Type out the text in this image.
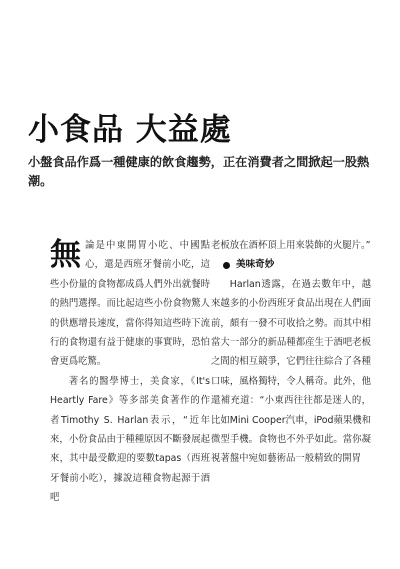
小食品 大益處
小盤食品作爲一種健康的飲食趨勢，正在消費者之間掀起一股熱潮。

無論是中東開胃小吃、中國點心，還是西班牙餐前小吃，這些小份量的食物都成爲人們外出就餐時的熱門選擇。而比起這些小份食物驚人的供應增長速度，當你得知這些時下流行的食物還有益于健康的事實時，恐怕會更爲吃驚。

著名的醫學博士，美食家，《It's Heartly Fare》等多部美食著作的作者Timothy S. Harlan表示，“近年來，小份食品由于種種原因不斷發展起來，其中最受歡迎的要數tapas（西班牙餐前小吃），據說這種食物起源于酒吧

老板放在酒杯頂上用來裝飾的火腿片。”

美味奇妙

Harlan透露，在過去數年中，越來越多的小份西班牙食品出現在人們面前，頗有一發不可收拾之勢。而其中相當大一部分的新品種都産生于酒吧老板之間的相互競爭，它們往往綜合了各種口味，風格獨特，令人稱奇。此外，他還補充道：“小東西往往都是迷人的，比如Mini Cooper汽車，iPod蘋果機和微型手機。食物也不外乎如此。當你凝視著盤中宛如藝術品一般精致的開胃
